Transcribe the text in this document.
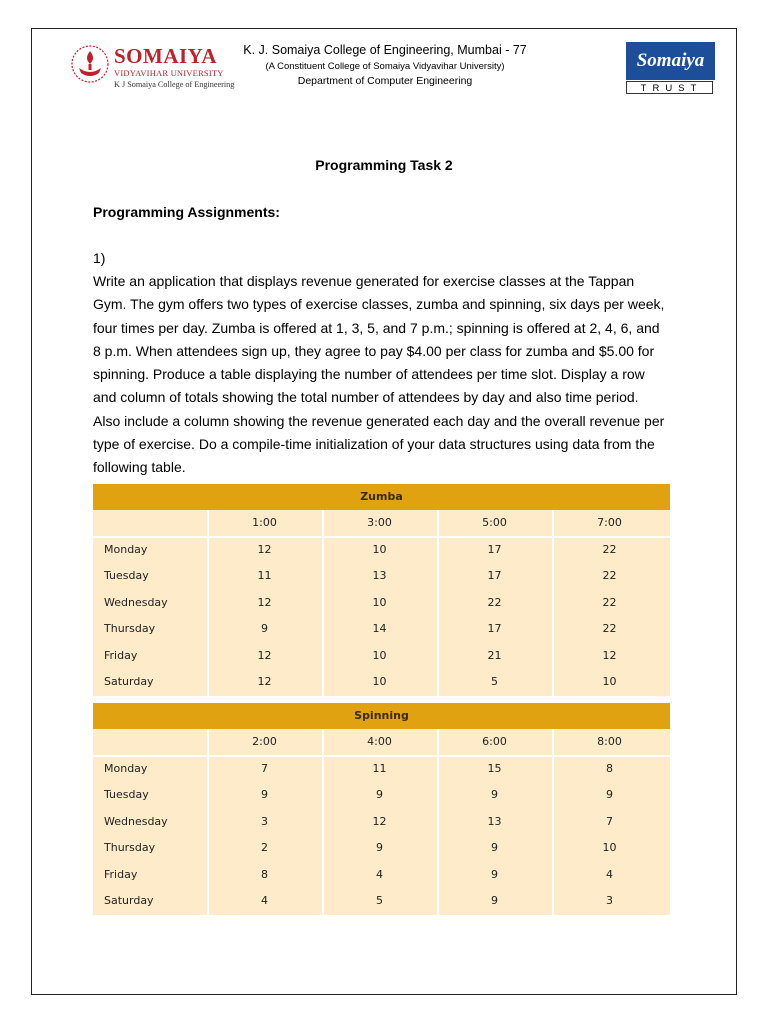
SOMAIYA
VIDYAVIHAR UNIVERSITY
K J Somaiya College of Engineering
K. J. Somaiya College of Engineering, Mumbai - 77
(A Constituent College of Somaiya Vidyavihar University)
Department of Computer Engineering
Somaiya
TRUST
Programming Task 2
Programming Assignments:
1)
Write an application that displays revenue generated for exercise classes at the Tappan
Gym. The gym offers two types of exercise classes, zumba and spinning, six days per week,
four times per day. Zumba is offered at 1, 3, 5, and 7 p.m.; spinning is offered at 2, 4, 6, and
8 p.m. When attendees sign up, they agree to pay $4.00 per class for zumba and $5.00 for
spinning. Produce a table displaying the number of attendees per time slot. Display a row
and column of totals showing the total number of attendees by day and also time period.
Also include a column showing the revenue generated each day and the overall revenue per
type of exercise. Do a compile-time initialization of your data structures using data from the
following table.
Zumba
1:00	3:00	5:00	7:00
Monday	12	10	17	22
Tuesday	11	13	17	22
Wednesday	12	10	22	22
Thursday	9	14	17	22
Friday	12	10	21	12
Saturday	12	10	5	10
Spinning
2:00	4:00	6:00	8:00
Monday	7	11	15	8
Tuesday	9	9	9	9
Wednesday	3	12	13	7
Thursday	2	9	9	10
Friday	8	4	9	4
Saturday	4	5	9	3
